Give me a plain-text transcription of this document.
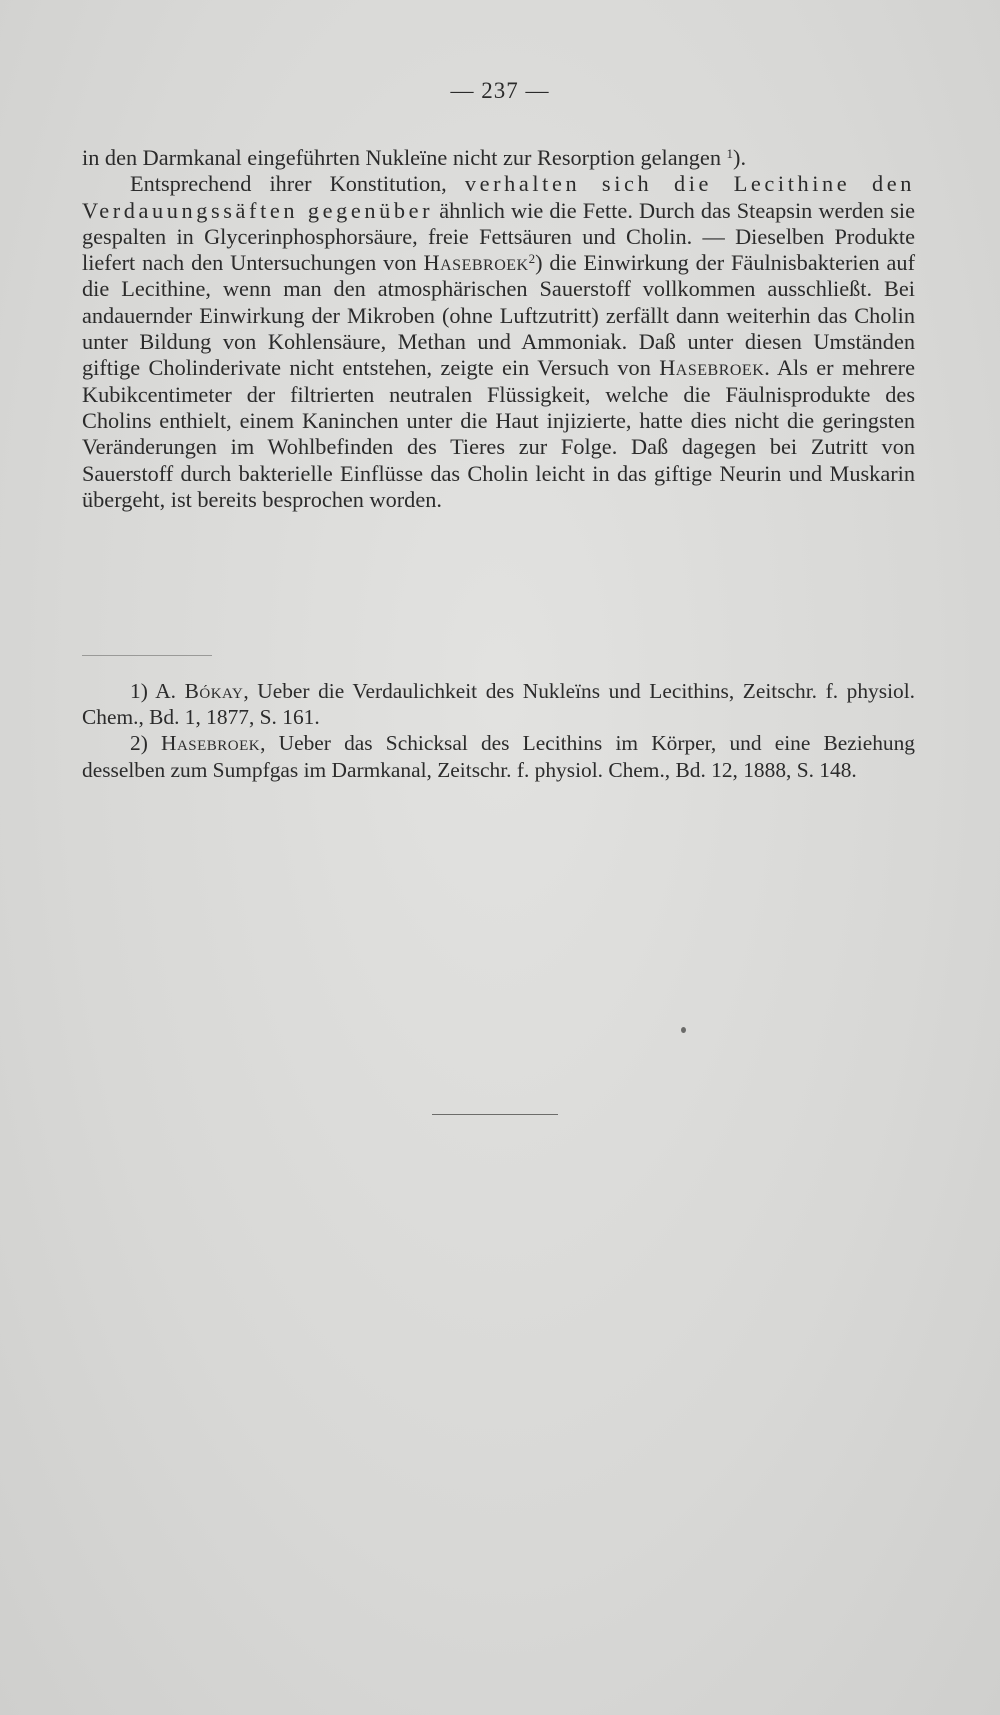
— 237 —

in den Darmkanal eingeführten Nukleïne nicht zur Resorption gelangen $^1$).

Entsprechend ihrer Konstitution, verhalten sich die Lecithine den Verdauungssäften gegenüber ähnlich wie die Fette. Durch das Steapsin werden sie gespalten in Glycerinphosphorsäure, freie Fettsäuren und Cholin. — Dieselben Produkte liefert nach den Untersuchungen von Hasebroek$^2$) die Einwirkung der Fäulnisbakterien auf die Lecithine, wenn man den atmosphärischen Sauerstoff vollkommen ausschließt. Bei andauernder Einwirkung der Mikroben (ohne Luftzutritt) zerfällt dann weiterhin das Cholin unter Bildung von Kohlensäure, Methan und Ammoniak. Daß unter diesen Umständen giftige Cholinderivate nicht entstehen, zeigte ein Versuch von Hasebroek. Als er mehrere Kubikcentimeter der filtrierten neutralen Flüssigkeit, welche die Fäulnisprodukte des Cholins enthielt, einem Kaninchen unter die Haut injizierte, hatte dies nicht die geringsten Veränderungen im Wohlbefinden des Tieres zur Folge. Daß dagegen bei Zutritt von Sauerstoff durch bakterielle Einflüsse das Cholin leicht in das giftige Neurin und Muskarin übergeht, ist bereits besprochen worden.

1) A. Bókay, Ueber die Verdaulichkeit des Nukleïns und Lecithins, Zeitschr. f. physiol. Chem., Bd. 1, 1877, S. 161.

2) Hasebroek, Ueber das Schicksal des Lecithins im Körper, und eine Beziehung desselben zum Sumpfgas im Darmkanal, Zeitschr. f. physiol. Chem., Bd. 12, 1888, S. 148.
